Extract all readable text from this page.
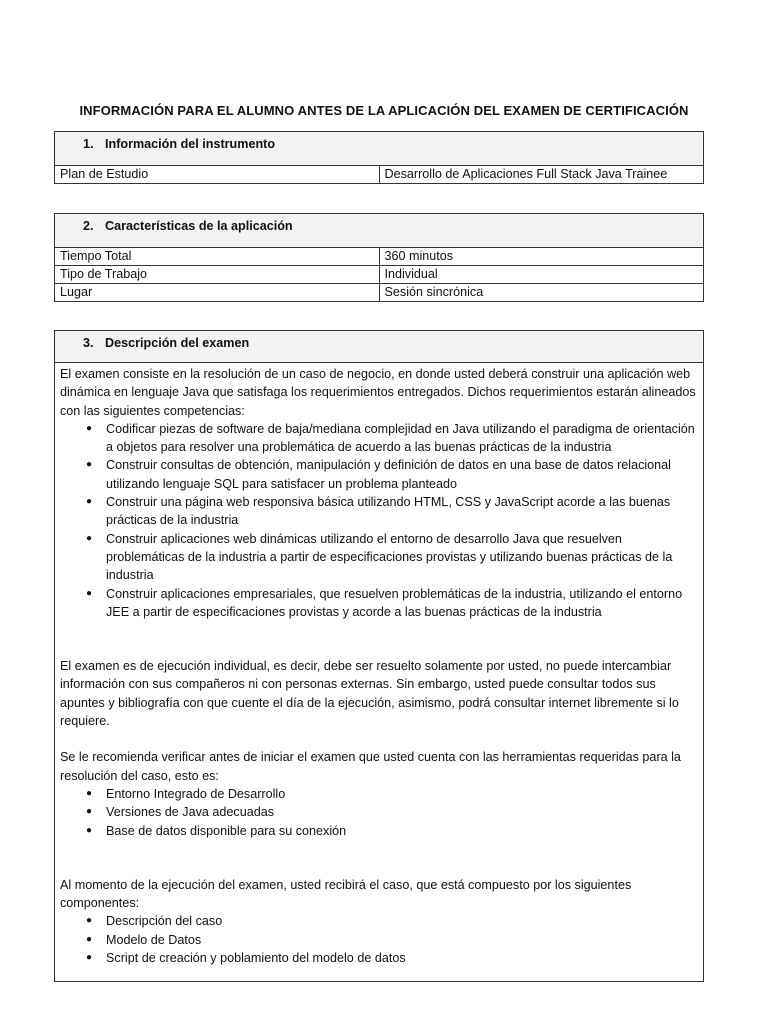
INFORMACIÓN PARA EL ALUMNO ANTES DE LA APLICACIÓN DEL EXAMEN DE CERTIFICACIÓN
1. Información del instrumento
Plan de Estudio	Desarrollo de Aplicaciones Full Stack Java Trainee
2. Características de la aplicación	
Tiempo Total	360 minutos
Tipo de Trabajo	Individual
Lugar	Sesión sincrónica
3. Descripción del examen

El examen consiste en la resolución de un caso de negocio, en donde usted deberá construir una aplicación web dinámica en lenguaje Java que satisfaga los requerimientos entregados. Dichos requerimientos estarán alineados con las siguientes competencias:

● Codificar piezas de software de baja/mediana complejidad en Java utilizando el paradigma de orientación a objetos para resolver una problemática de acuerdo a las buenas prácticas de la industria
● Construir consultas de obtención, manipulación y definición de datos en una base de datos relacional utilizando lenguaje SQL para satisfacer un problema planteado
● Construir una página web responsiva básica utilizando HTML, CSS y JavaScript acorde a las buenas prácticas de la industria
● Construir aplicaciones web dinámicas utilizando el entorno de desarrollo Java que resuelven problemáticas de la industria a partir de especificaciones provistas y utilizando buenas prácticas de la industria
● Construir aplicaciones empresariales, que resuelven problemáticas de la industria, utilizando el entorno JEE a partir de especificaciones provistas y acorde a las buenas prácticas de la industria

El examen es de ejecución individual, es decir, debe ser resuelto solamente por usted, no puede intercambiar información con sus compañeros ni con personas externas. Sin embargo, usted puede consultar todos sus apuntes y bibliografía con que cuente el día de la ejecución, asimismo, podrá consultar internet libremente si lo requiere.

Se le recomienda verificar antes de iniciar el examen que usted cuenta con las herramientas requeridas para la resolución del caso, esto es:

● Entorno Integrado de Desarrollo
● Versiones de Java adecuadas
● Base de datos disponible para su conexión

Al momento de la ejecución del examen, usted recibirá el caso, que está compuesto por los siguientes componentes:

● Descripción del caso
● Modelo de Datos
● Script de creación y poblamiento del modelo de datos
